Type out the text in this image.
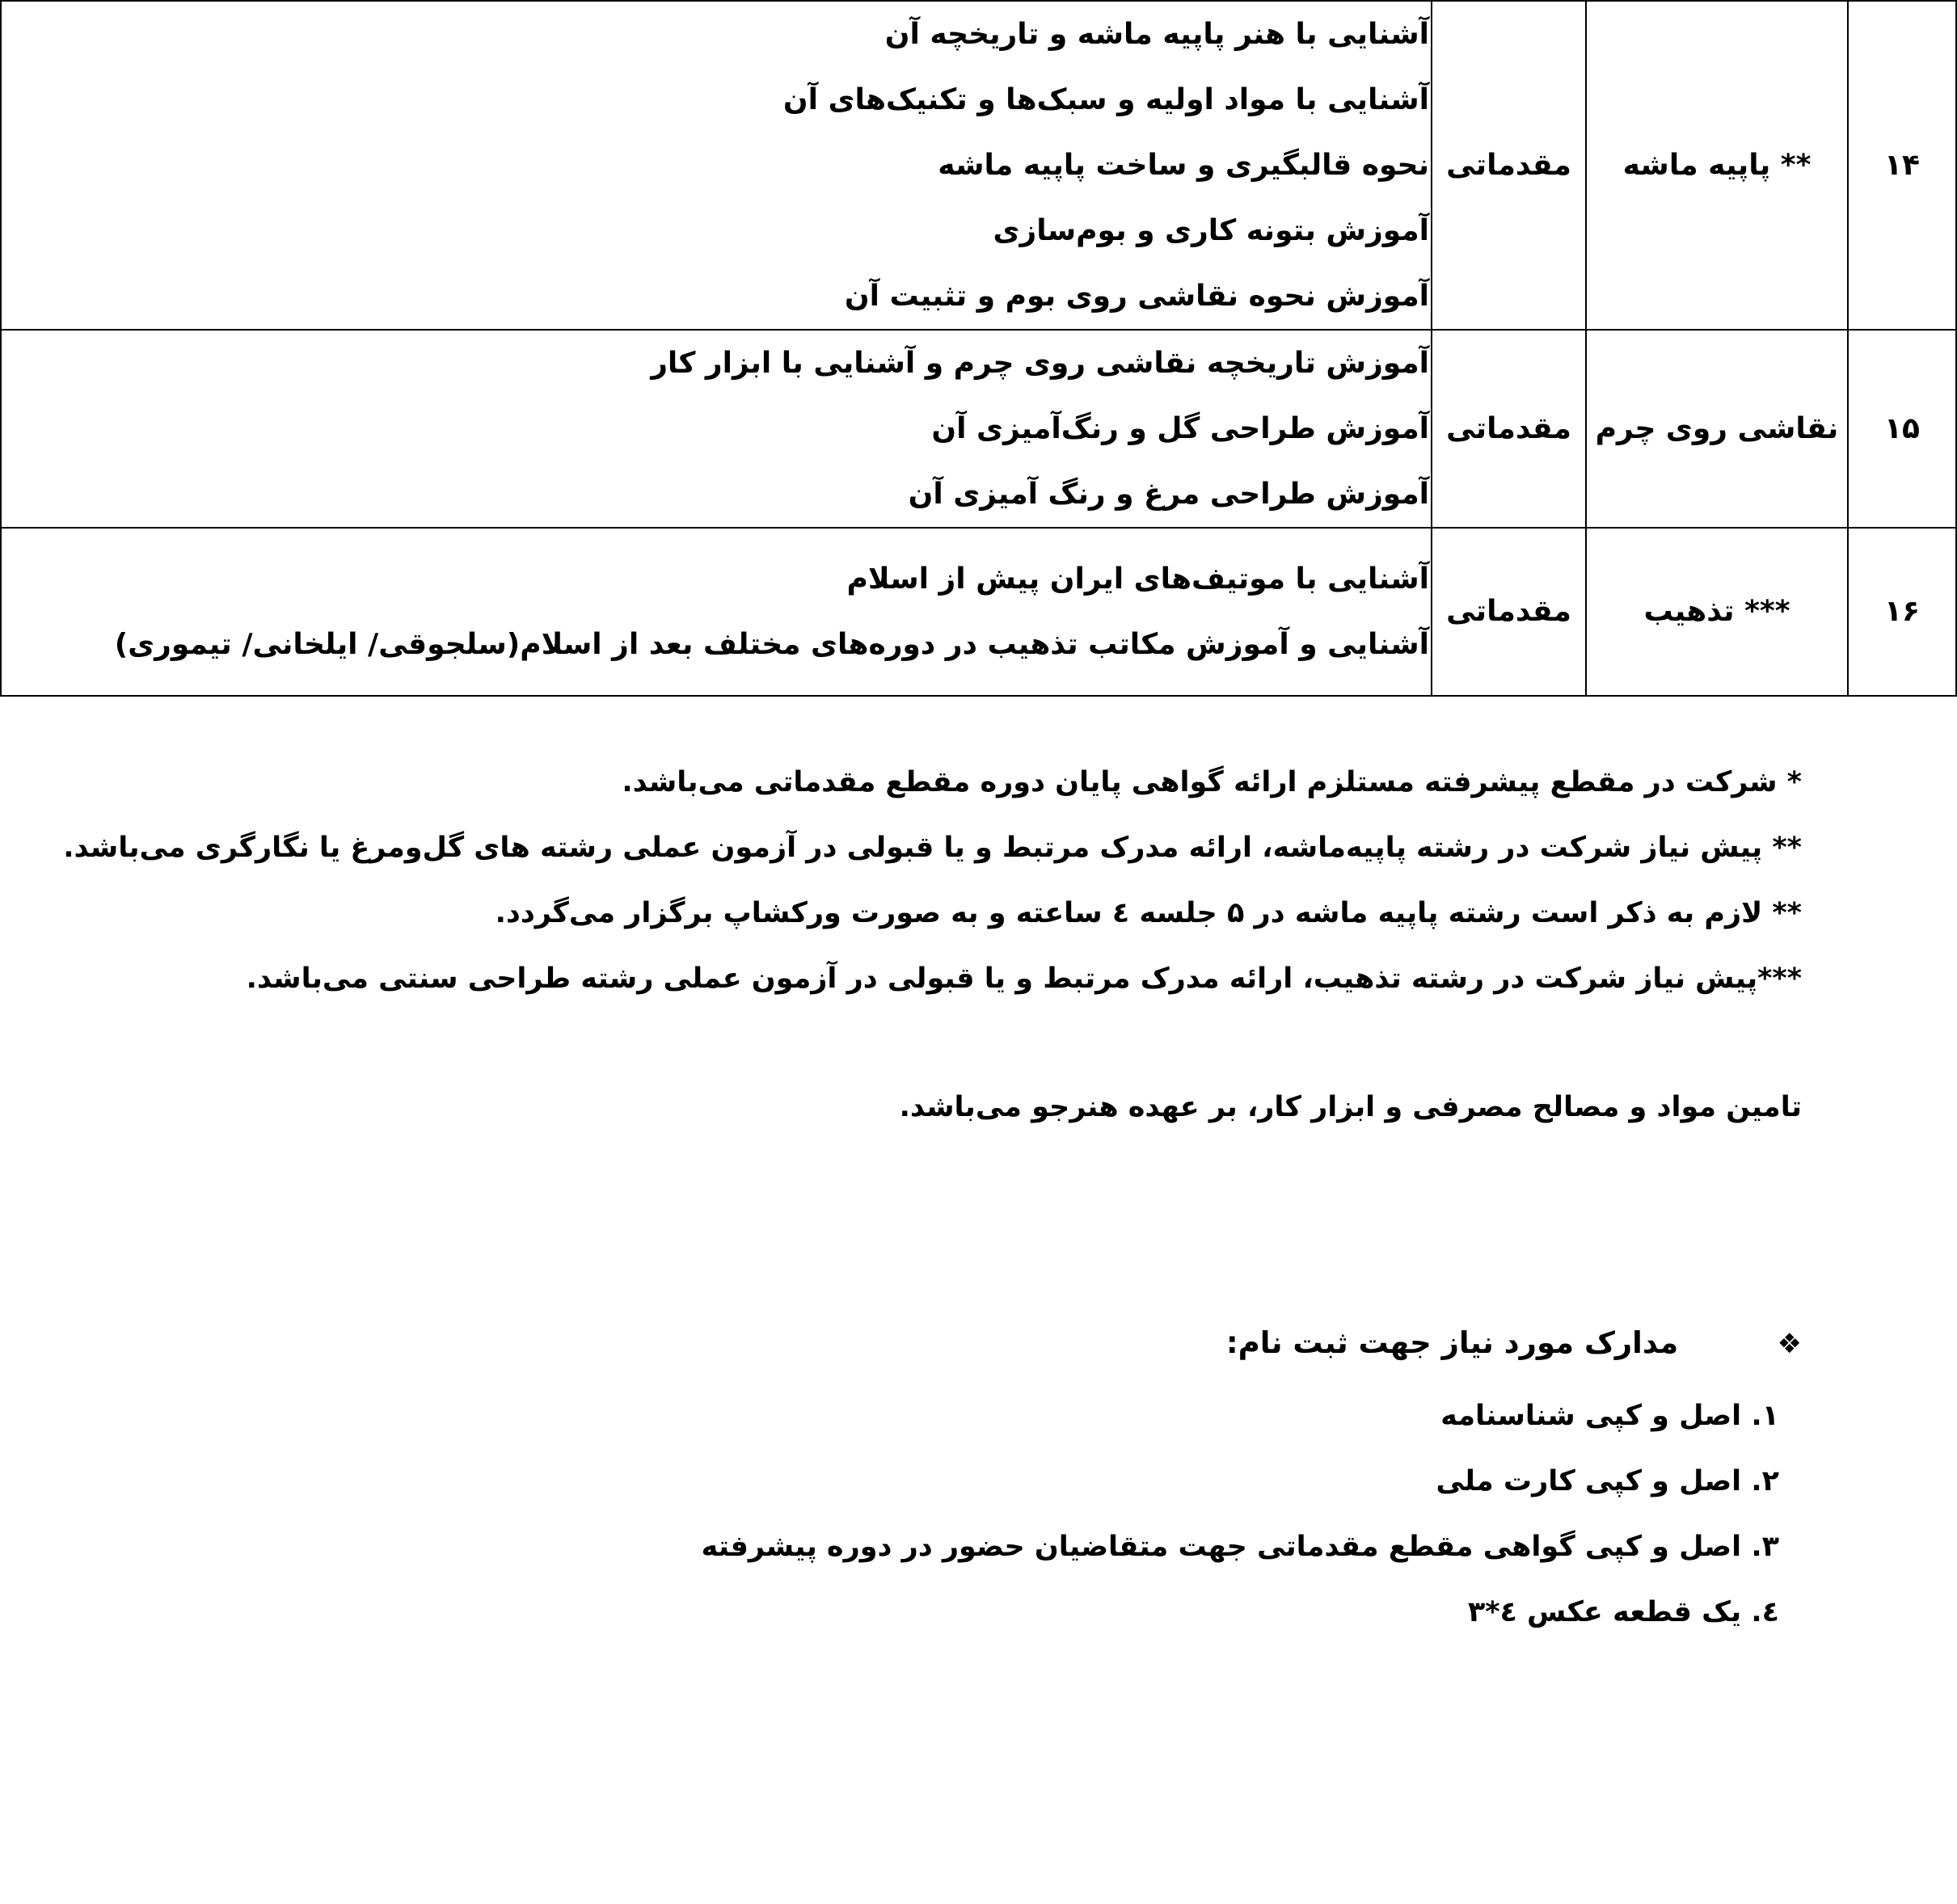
۱۴	** پاپیه ماشه	مقدماتی	آشنایی با هنر پاپیه ماشه و تاریخچه آن
آشنایی با مواد اولیه و سبک‌ها و تکنیک‌های آن
نحوه قالبگیری و ساخت پاپیه ماشه
آموزش بتونه کاری و بوم‌سازی
آموزش نحوه نقاشی روی بوم و تثبیت آن

۱۵	نقاشی روی چرم	مقدماتی	آموزش تاریخچه نقاشی روی چرم و آشنایی با ابزار کار
آموزش طراحی گل و رنگ‌آمیزی آن
آموزش طراحی مرغ و رنگ آمیزی آن

۱۶	*** تذهیب	مقدماتی	آشنایی با موتیف‌های ایران پیش از اسلام
آشنایی و آموزش مکاتب تذهیب در دوره‌های مختلف بعد از اسلام(سلجوقی/ ایلخانی/ تیموری)
* شرکت در مقطع پیشرفته مستلزم ارائه گواهی پایان دوره مقطع مقدماتی می‌باشد.
** پیش نیاز شرکت در رشته پاپیه‌ماشه، ارائه مدرک مرتبط و یا قبولی در آزمون عملی رشته های گل‌ومرغ یا نگارگری می‌باشد.
** لازم به ذکر است رشته پاپیه ماشه در ۵ جلسه ٤ ساعته و به صورت ورکشاپ برگزار می‌گردد.
***پیش نیاز شرکت در رشته تذهیب، ارائه مدرک مرتبط و یا قبولی در آزمون عملی رشته طراحی سنتی می‌باشد.
تامین مواد و مصالح مصرفی و ابزار کار، بر عهده هنرجو می‌باشد.
❖ مدارک مورد نیاز جهت ثبت نام:
۱. اصل و کپی شناسنامه
۲. اصل و کپی کارت ملی
۳. اصل و کپی گواهی مقطع مقدماتی جهت متقاضیان حضور در دوره پیشرفته
٤. یک قطعه عکس ٤*۳
